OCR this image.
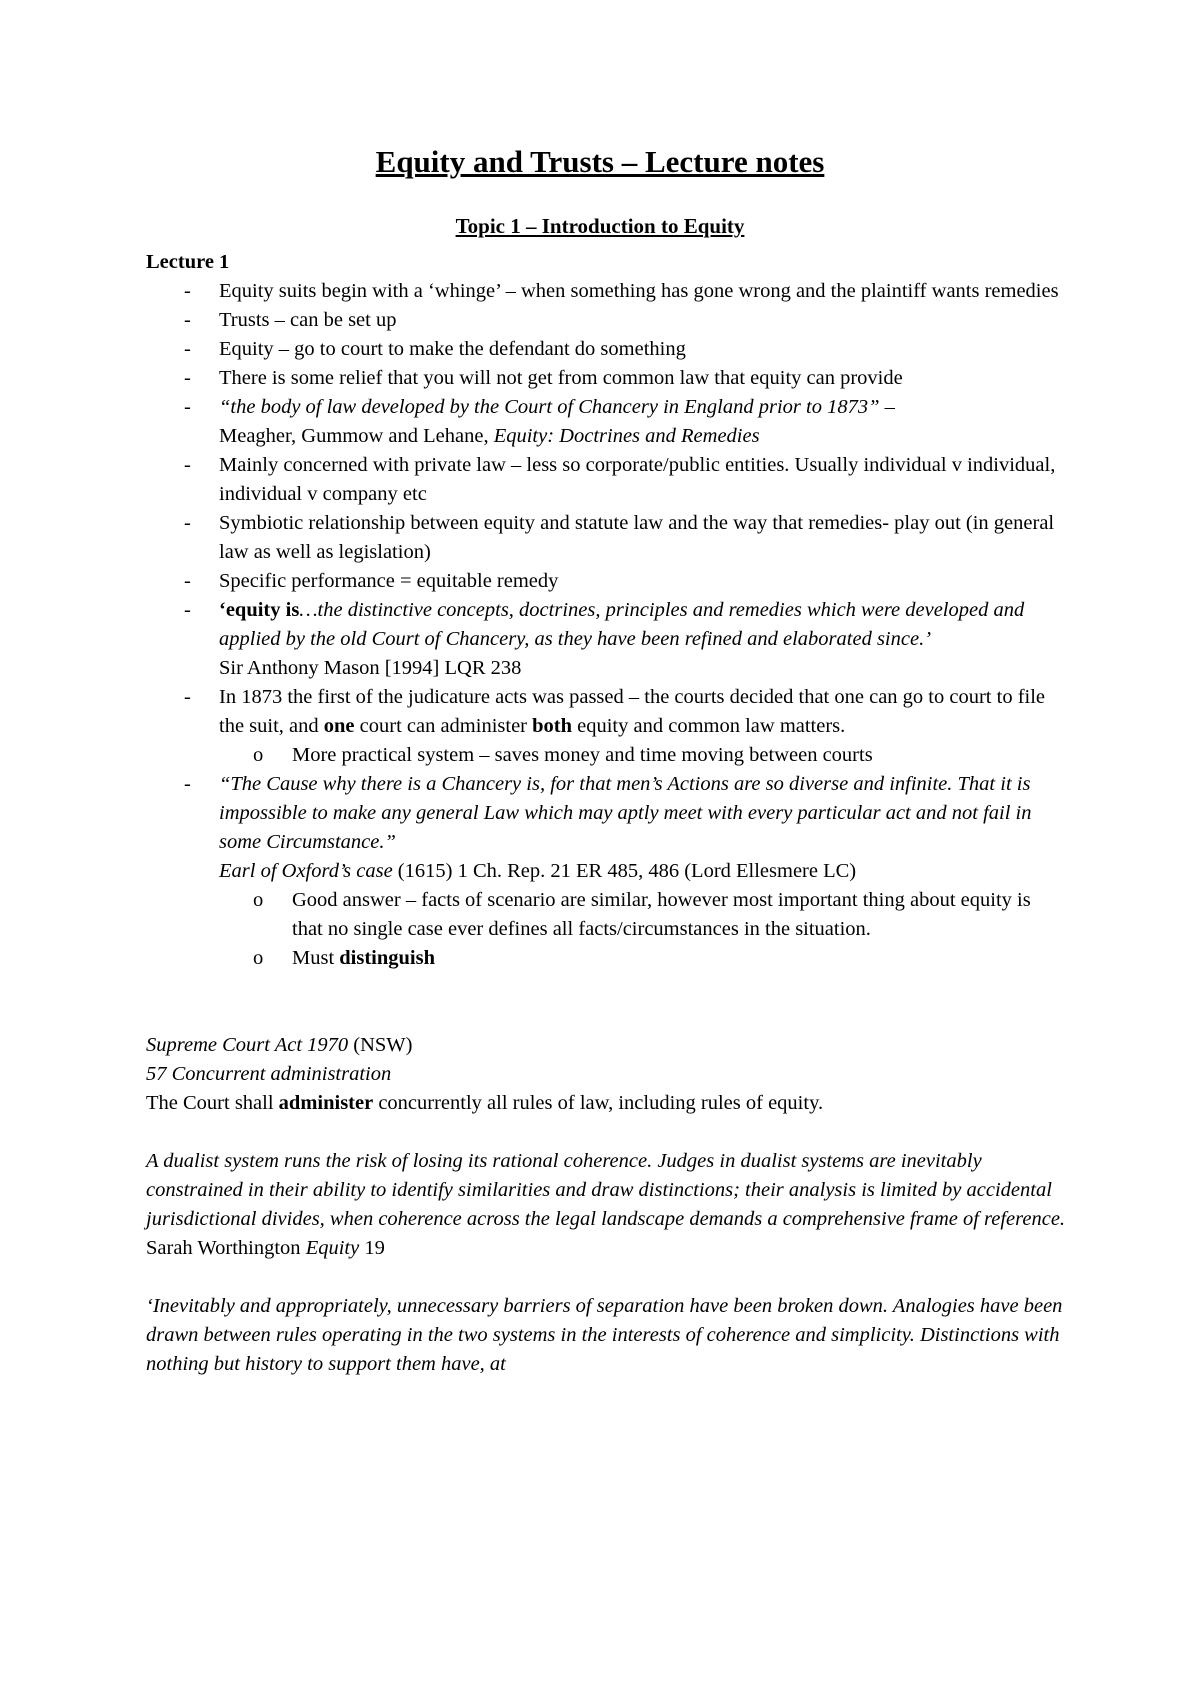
Equity and Trusts – Lecture notes
Topic 1 – Introduction to Equity

Lecture 1

- Equity suits begin with a ‘whinge’ – when something has gone wrong and the plaintiff wants remedies
- Trusts – can be set up
- Equity – go to court to make the defendant do something
- There is some relief that you will not get from common law that equity can provide
- “the body of law developed by the Court of Chancery in England prior to 1873” –
Meagher, Gummow and Lehane, Equity: Doctrines and Remedies
- Mainly concerned with private law – less so corporate/public entities. Usually individual v individual, individual v company etc
- Symbiotic relationship between equity and statute law and the way that remedies- play out (in general law as well as legislation)
- Specific performance = equitable remedy
- ‘equity is…the distinctive concepts, doctrines, principles and remedies which were developed and applied by the old Court of Chancery, as they have been refined and elaborated since.’
Sir Anthony Mason [1994] LQR 238
- In 1873 the first of the judicature acts was passed – the courts decided that one can go to court to file the suit, and one court can administer both equity and common law matters.
o More practical system – saves money and time moving between courts
- “The Cause why there is a Chancery is, for that men’s Actions are so diverse and infinite. That it is impossible to make any general Law which may aptly meet with every particular act and not fail in some Circumstance.”
Earl of Oxford’s case (1615) 1 Ch. Rep. 21 ER 485, 486 (Lord Ellesmere LC)
o Good answer – facts of scenario are similar, however most important thing about equity is that no single case ever defines all facts/circumstances in the situation.
o Must distinguish

Supreme Court Act 1970 (NSW)

57 Concurrent administration

The Court shall administer concurrently all rules of law, including rules of equity.

A dualist system runs the risk of losing its rational coherence. Judges in dualist systems are inevitably constrained in their ability to identify similarities and draw distinctions; their analysis is limited by accidental jurisdictional divides, when coherence across the legal landscape demands a comprehensive frame of reference.

Sarah Worthington Equity 19

‘Inevitably and appropriately, unnecessary barriers of separation have been broken down. Analogies have been drawn between rules operating in the two systems in the interests of coherence and simplicity. Distinctions with nothing but history to support them have, at
